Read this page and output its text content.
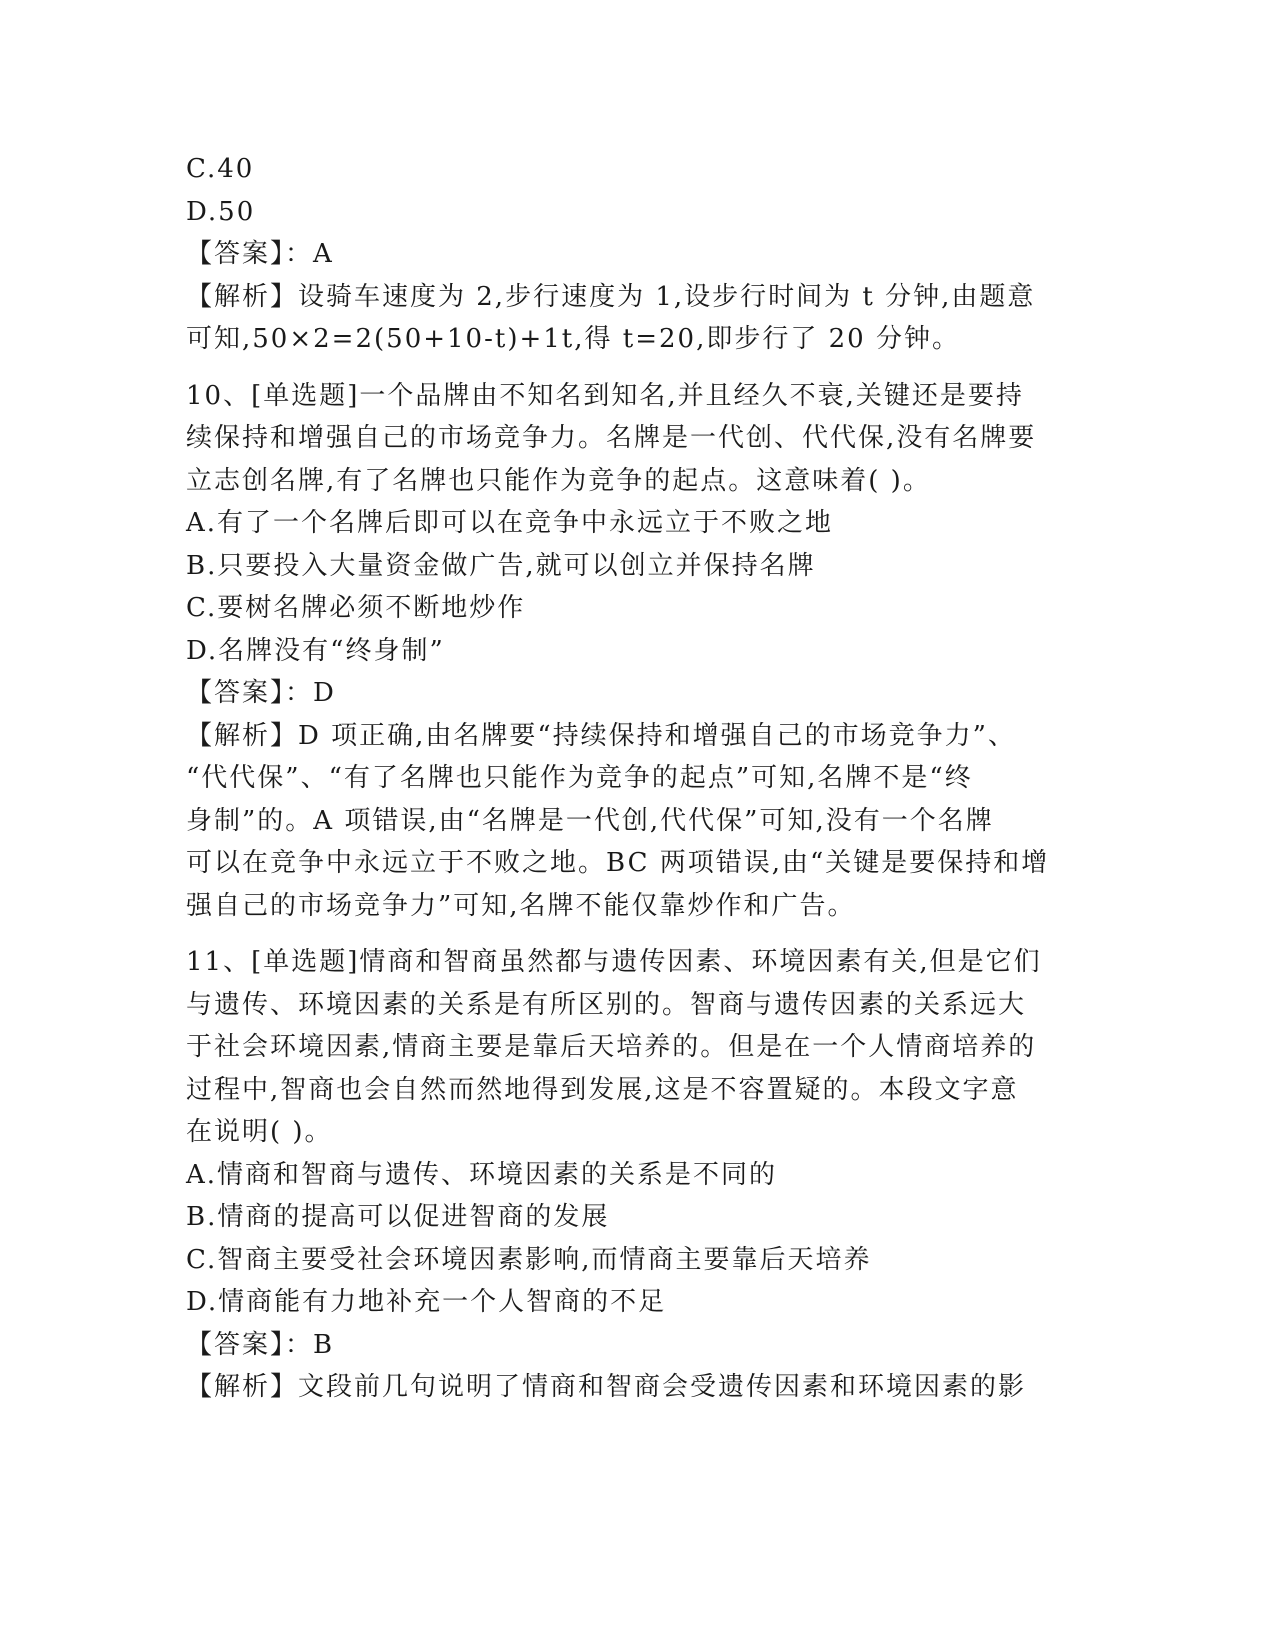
C.40
D.50
【答案】：A
【解析】设骑车速度为 2,步行速度为 1,设步行时间为 t 分钟,由题意
可知,50×2=2(50+10-t)+1t,得 t=20,即步行了 20 分钟。
10、[单选题]一个品牌由不知名到知名,并且经久不衰,关键还是要持
续保持和增强自己的市场竞争力。名牌是一代创、代代保,没有名牌要
立志创名牌,有了名牌也只能作为竞争的起点。这意味着( )。
A.有了一个名牌后即可以在竞争中永远立于不败之地
B.只要投入大量资金做广告,就可以创立并保持名牌
C.要树名牌必须不断地炒作
D.名牌没有“终身制”
【答案】：D
【解析】D 项正确,由名牌要“持续保持和增强自己的市场竞争力”、
“代代保”、“有了名牌也只能作为竞争的起点”可知,名牌不是“终
身制”的。A 项错误,由“名牌是一代创,代代保”可知,没有一个名牌
可以在竞争中永远立于不败之地。BC 两项错误,由“关键是要保持和增
强自己的市场竞争力”可知,名牌不能仅靠炒作和广告。
11、[单选题]情商和智商虽然都与遗传因素、环境因素有关,但是它们
与遗传、环境因素的关系是有所区别的。智商与遗传因素的关系远大
于社会环境因素,情商主要是靠后天培养的。但是在一个人情商培养的
过程中,智商也会自然而然地得到发展,这是不容置疑的。本段文字意
在说明( )。
A.情商和智商与遗传、环境因素的关系是不同的
B.情商的提高可以促进智商的发展
C.智商主要受社会环境因素影响,而情商主要靠后天培养
D.情商能有力地补充一个人智商的不足
【答案】：B
【解析】文段前几句说明了情商和智商会受遗传因素和环境因素的影
